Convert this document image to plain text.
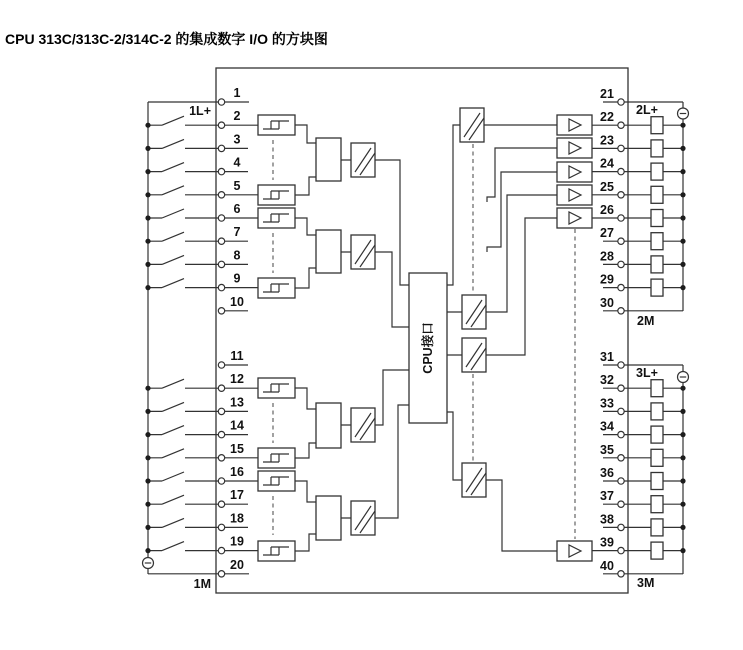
CPU 313C/313C-2/314C-2 的集成数字 I/O 的方块图
1
2
3
4
5
6
7
8
9
10
11
12
13
14
15
16
17
18
19
20
21
22
23
24
25
26
27
28
29
30
31
32
33
34
35
36
37
38
39
40
CPU接口
1L+
1M
2L+
2M
3L+
3M
